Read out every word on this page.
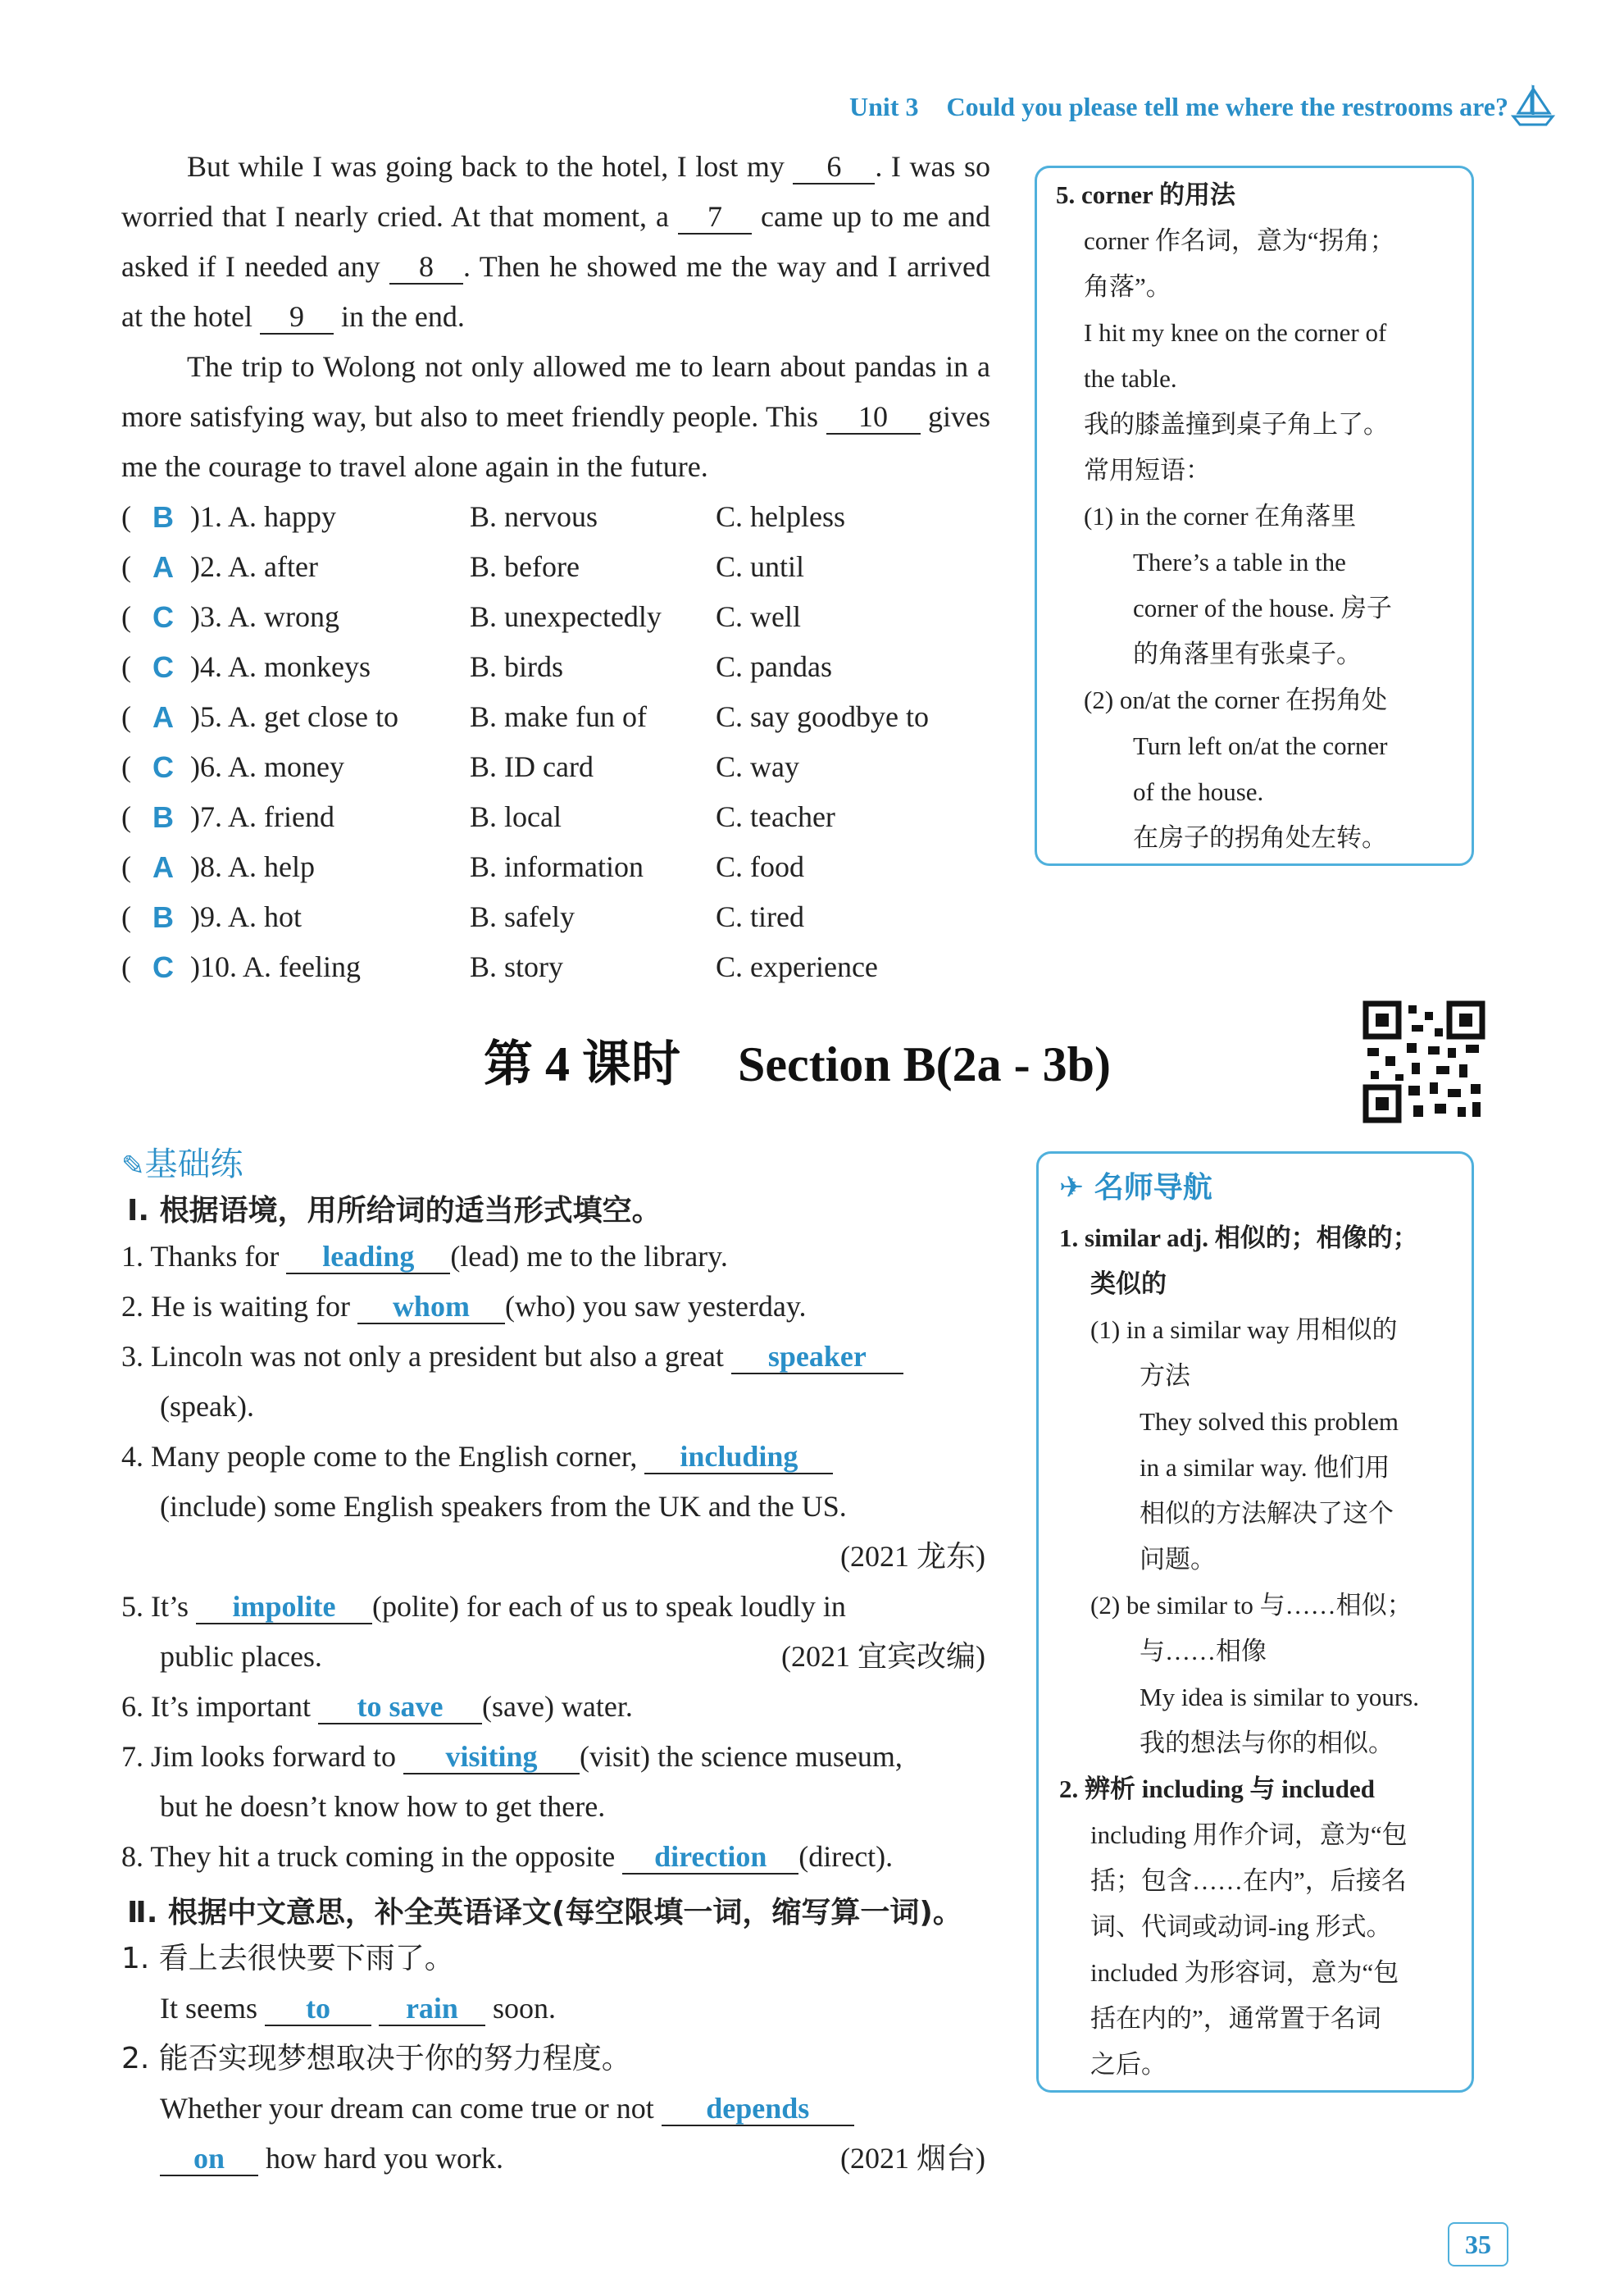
Unit 3 Could you please tell me where the restrooms are?
But while I was going back to the hotel, I lost my 6 . I was so worried that I nearly cried. At that moment, a 7 came up to me and asked if I needed any 8 . Then he showed me the way and I arrived at the hotel 9 in the end.
The trip to Wolong not only allowed me to learn about pandas in a more satisfying way, but also to meet friendly people. This 10 gives me the courage to travel alone again in the future.
( B )1. A. happy	B. nervous	C. helpless
( A )2. A. after	B. before	C. until
( C )3. A. wrong	B. unexpectedly C. well
( C )4. A. monkeys	B. birds	C. pandas
( A )5. A. get close to B. make fun of C. say goodbye to
( C )6. A. money	B. ID card	C. way
( B )7. A. friend	B. local	C. teacher
( A )8. A. help	B. information C. food
( B )9. A. hot	B. safely	C. tired
( C )10. A. feeling	B. story	C. experience
5. corner 的用法
corner 作名词，意为“拐角；
角落”。
I hit my knee on the corner of
the table.
我的膝盖撞到桌子角上了。
常用短语：
(1) in the corner 在角落里
There’s a table in the
corner of the house. 房子
的角落里有张桌子。
(2) on/at the corner 在拐角处
Turn left on/at the corner
of the house.
在房子的拐角处左转。
第 4 课时 Section B(2a - 3b)
✎基础练
Ⅰ. 根据语境，用所给词的适当形式填空。
1. Thanks for leading (lead) me to the library.
2. He is waiting for whom (who) you saw yesterday.
3. Lincoln was not only a president but also a great speaker
(speak).
4. Many people come to the English corner, including
(include) some English speakers from the UK and the US.
(2021 龙东)
5. It’s impolite (polite) for each of us to speak loudly in
public places.	(2021 宜宾改编)
6. It’s important to save (save) water.
7. Jim looks forward to visiting (visit) the science museum,
but he doesn’t know how to get there.
8. They hit a truck coming in the opposite direction (direct).
Ⅱ. 根据中文意思，补全英语译文(每空限填一词，缩写算一词)。
1. 看上去很快要下雨了。
It seems to	rain soon.
2. 能否实现梦想取决于你的努力程度。
Whether your dream can come true or not depends
on how hard you work.	(2021 烟台)
✈ 名师导航
1. similar adj. 相似的；相像的；
类似的
(1) in a similar way 用相似的
方法
They solved this problem
in a similar way. 他们用
相似的方法解决了这个
问题。
(2) be similar to 与……相似；
与……相像
My idea is similar to yours.
我的想法与你的相似。
2. 辨析 including 与 included
including 用作介词，意为“包
括；包含……在内”，后接名
词、代词或动词-ing 形式。
included 为形容词，意为“包
括在内的”，通常置于名词
之后。
35
